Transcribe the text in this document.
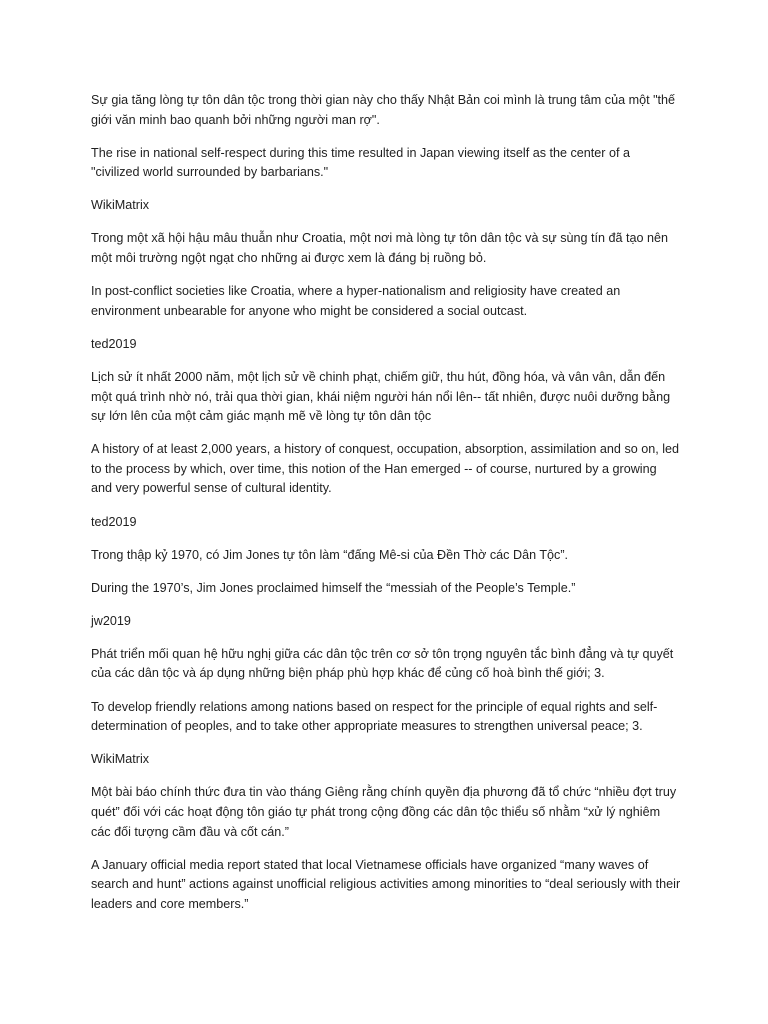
Sự gia tăng lòng tự tôn dân tộc trong thời gian này cho thấy Nhật Bản coi mình là trung tâm của một "thế giới văn minh bao quanh bởi những người man rợ".

The rise in national self-respect during this time resulted in Japan viewing itself as the center of a "civilized world surrounded by barbarians."

WikiMatrix

Trong một xã hội hậu mâu thuẫn như Croatia, một nơi mà lòng tự tôn dân tộc và sự sùng tín đã tạo nên một môi trường ngột ngạt cho những ai được xem là đáng bị ruồng bỏ.

In post-conflict societies like Croatia, where a hyper-nationalism and religiosity have created an environment unbearable for anyone who might be considered a social outcast.

ted2019

Lịch sử ít nhất 2000 năm, một lịch sử về chinh phạt, chiếm giữ, thu hút, đồng hóa, và vân vân, dẫn đến một quá trình nhờ nó, trải qua thời gian, khái niệm người hán nổi lên-- tất nhiên, được nuôi dưỡng bằng sự lớn lên của một cảm giác mạnh mẽ về lòng tự tôn dân tộc

A history of at least 2,000 years, a history of conquest, occupation, absorption, assimilation and so on, led to the process by which, over time, this notion of the Han emerged -- of course, nurtured by a growing and very powerful sense of cultural identity.

ted2019

Trong thập kỷ 1970, có Jim Jones tự tôn làm “đấng Mê-si của Đền Thờ các Dân Tộc”.

During the 1970’s, Jim Jones proclaimed himself the “messiah of the People’s Temple.”

jw2019

Phát triển mối quan hệ hữu nghị giữa các dân tộc trên cơ sở tôn trọng nguyên tắc bình đẳng và tự quyết của các dân tộc và áp dụng những biện pháp phù hợp khác để củng cố hoà bình thế giới; 3.

To develop friendly relations among nations based on respect for the principle of equal rights and self-determination of peoples, and to take other appropriate measures to strengthen universal peace; 3.

WikiMatrix

Một bài báo chính thức đưa tin vào tháng Giêng rằng chính quyền địa phương đã tổ chức “nhiều đợt truy quét” đối với các hoạt động tôn giáo tự phát trong cộng đồng các dân tộc thiểu số nhằm “xử lý nghiêm các đối tượng cầm đầu và cốt cán.”

A January official media report stated that local Vietnamese officials have organized “many waves of search and hunt” actions against unofficial religious activities among minorities to “deal seriously with their leaders and core members.”
